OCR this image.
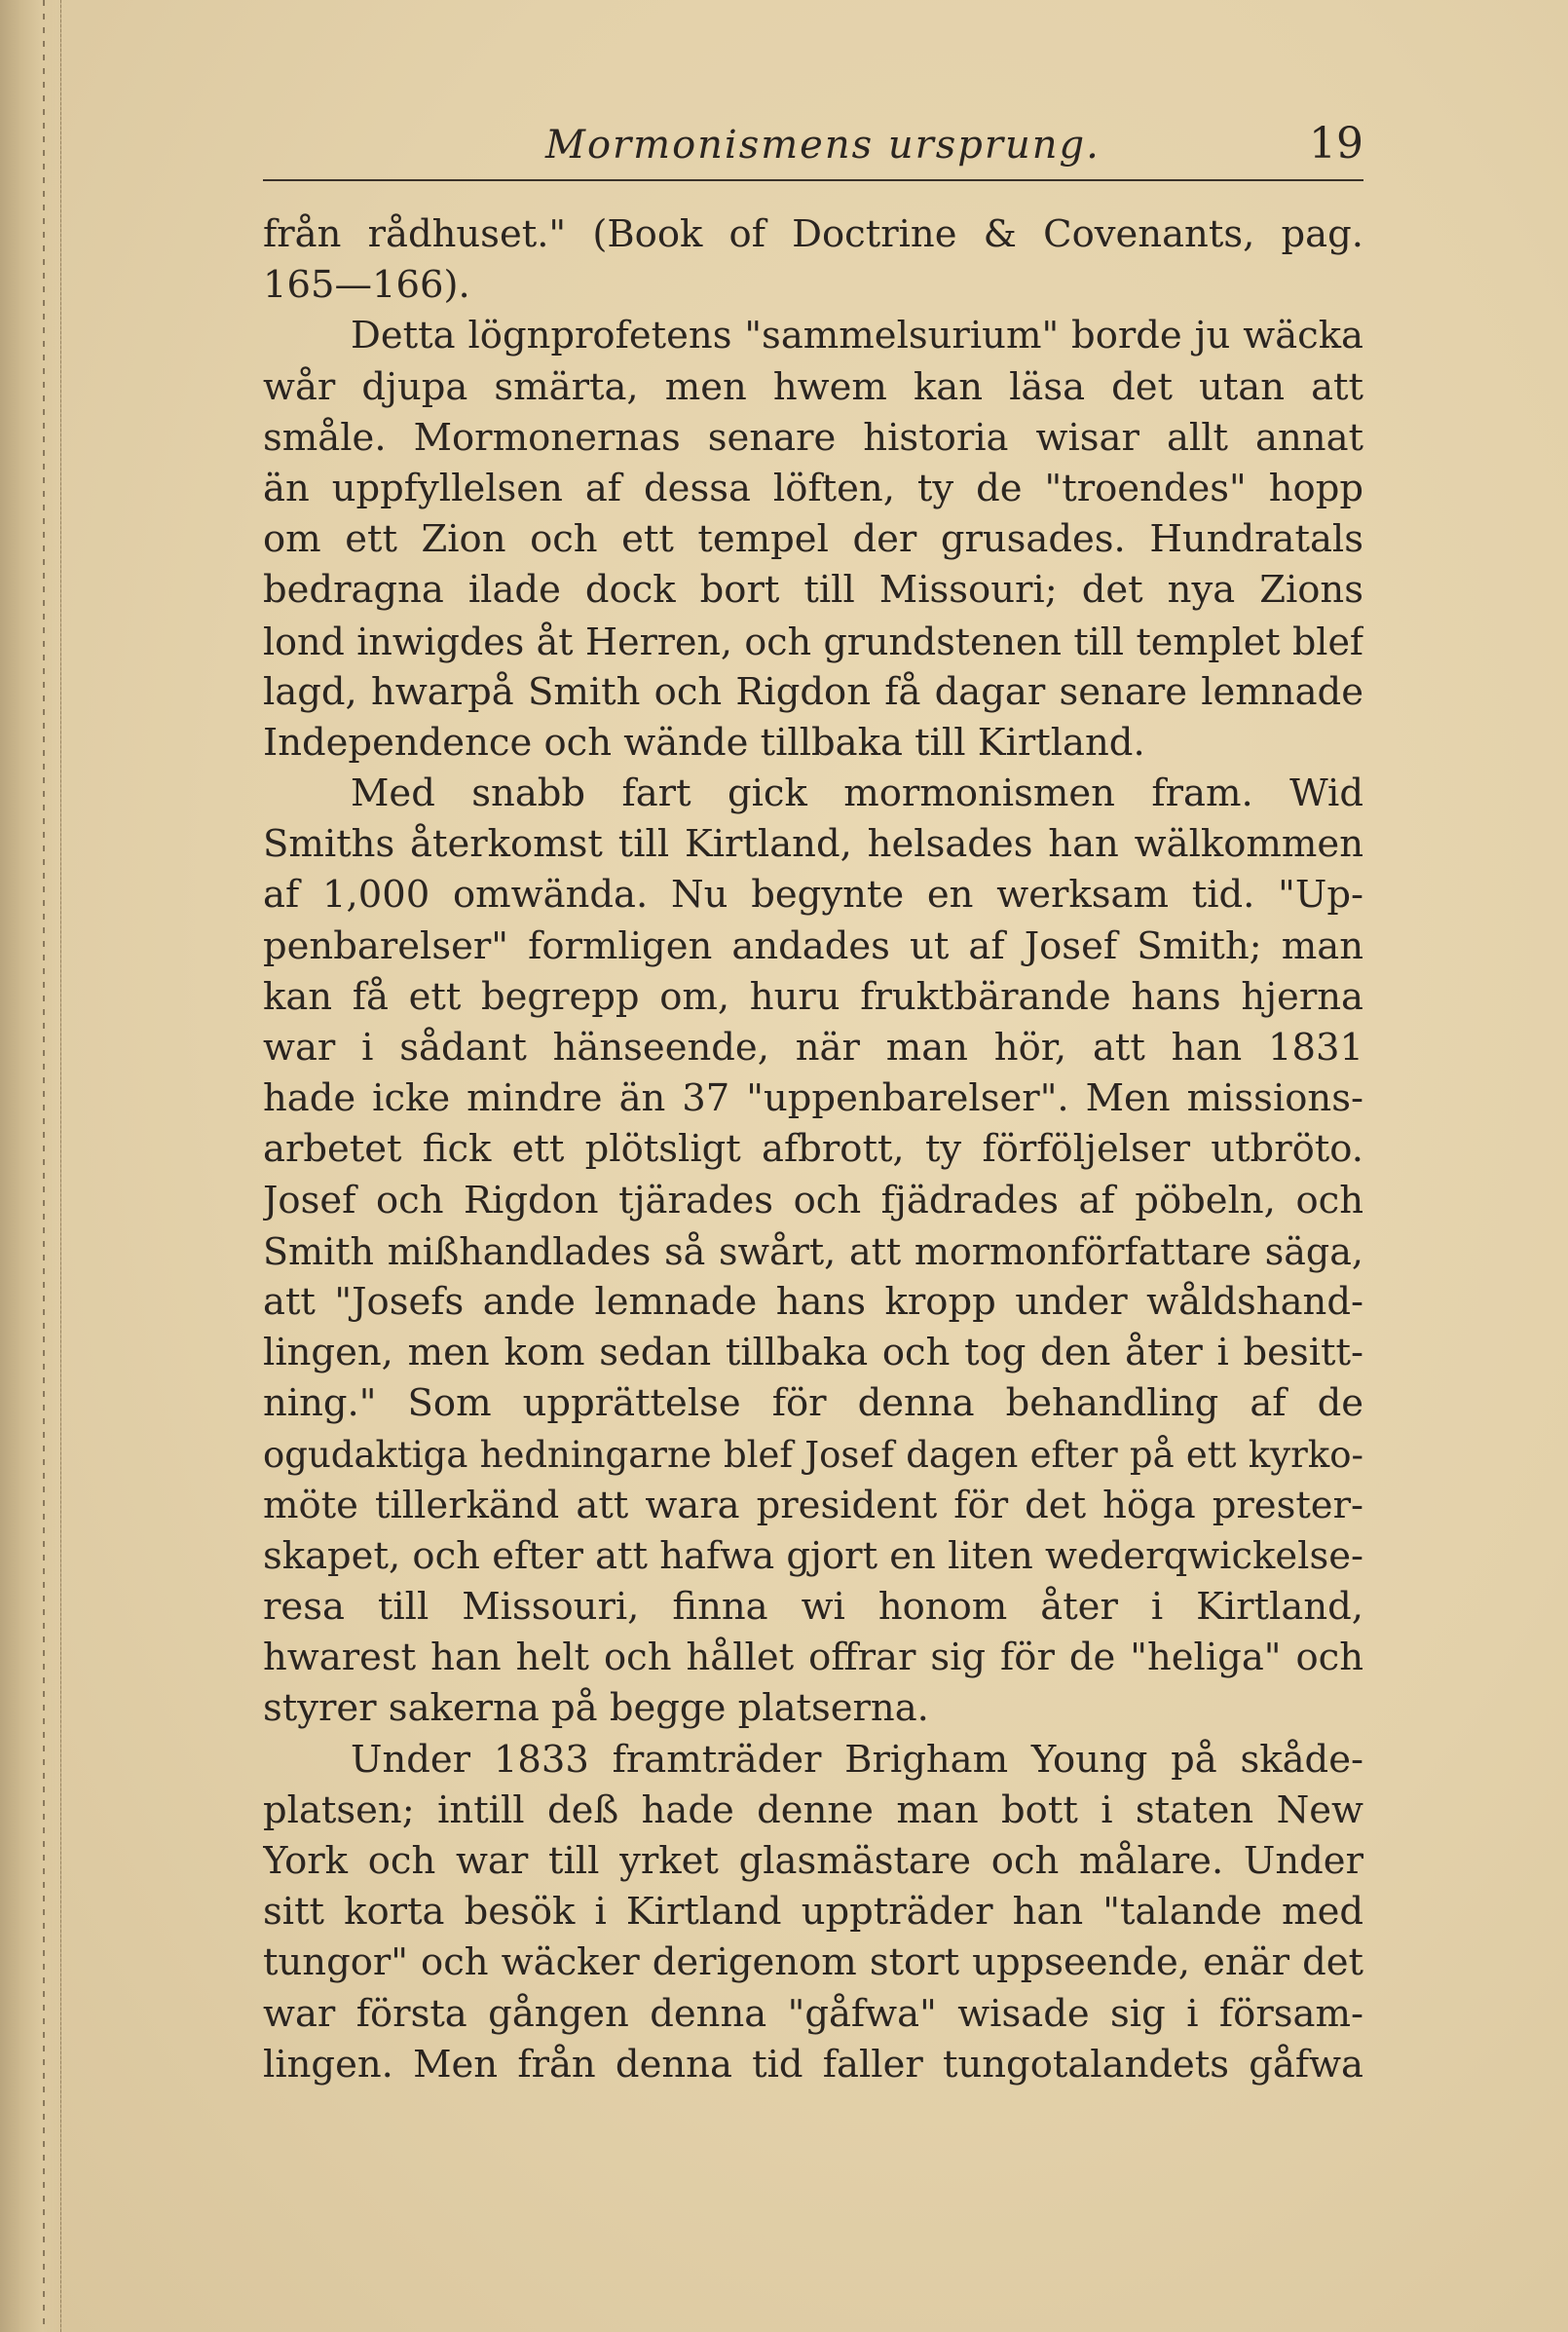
Mormonismens ursprung.	19
från rådhuset." (Book of Doctrine & Covenants, pag.
165—166).
Detta lögnprofetens "sammelsurium" borde ju wäcka
wår djupa smärta, men hwem kan läsa det utan att
småle. Mormonernas senare historia wisar allt annat
än uppfyllelsen af dessa löften, ty de "troendes" hopp
om ett Zion och ett tempel der grusades. Hundratals
bedragna ilade dock bort till Missouri; det nya Zions
lond inwigdes åt Herren, och grundstenen till templet blef
lagd, hwarpå Smith och Rigdon få dagar senare lemnade
Independence och wände tillbaka till Kirtland.
Med snabb fart gick mormonismen fram. Wid
Smiths återkomst till Kirtland, helsades han wälkommen
af 1,000 omwända. Nu begynte en werksam tid. "Up-
penbarelser" formligen andades ut af Josef Smith; man
kan få ett begrepp om, huru fruktbärande hans hjerna
war i sådant hänseende, när man hör, att han 1831
hade icke mindre än 37 "uppenbarelser". Men missions-
arbetet fick ett plötsligt afbrott, ty förföljelser utbröto.
Josef och Rigdon tjärades och fjädrades af pöbeln, och
Smith mißhandlades så swårt, att mormonförfattare säga,
att "Josefs ande lemnade hans kropp under wåldshand-
lingen, men kom sedan tillbaka och tog den åter i besitt-
ning." Som upprättelse för denna behandling af de
ogudaktiga hedningarne blef Josef dagen efter på ett kyrko-
möte tillerkänd att wara president för det höga prester-
skapet, och efter att hafwa gjort en liten wederqwickelse-
resa till Missouri, finna wi honom åter i Kirtland,
hwarest han helt och hållet offrar sig för de "heliga" och
styrer sakerna på begge platserna.
Under 1833 framträder Brigham Young på skåde-
platsen; intill deß hade denne man bott i staten New
York och war till yrket glasmästare och målare. Under
sitt korta besök i Kirtland uppträder han "talande med
tungor" och wäcker derigenom stort uppseende, enär det
war första gången denna "gåfwa" wisade sig i försam-
lingen. Men från denna tid faller tungotalandets gåfwa
